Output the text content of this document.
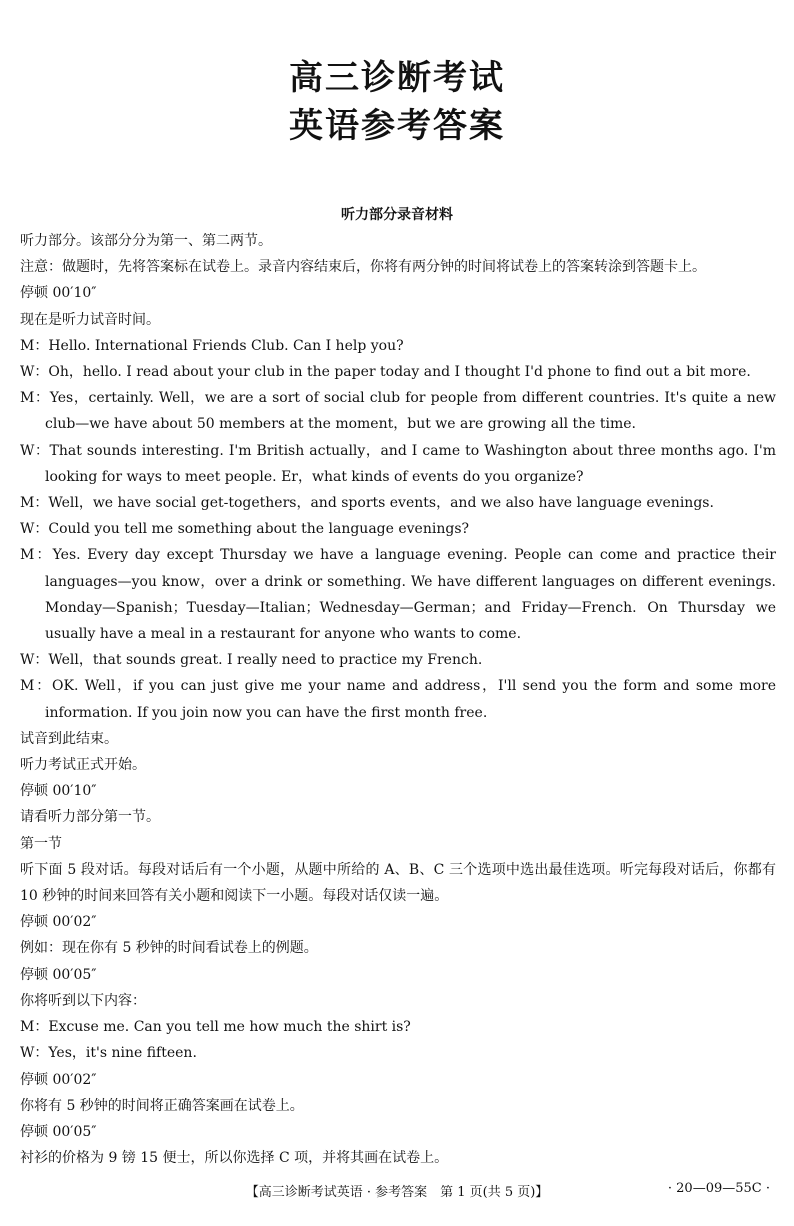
高三诊断考试
英语参考答案
听力部分录音材料

听力部分。该部分分为第一、第二两节。

注意：做题时，先将答案标在试卷上。录音内容结束后，你将有两分钟的时间将试卷上的答案转涂到答题卡上。

停顿 00′10″

现在是听力试音时间。

M：Hello. International Friends Club. Can I help you?

W：Oh，hello. I read about your club in the paper today and I thought I'd phone to find out a bit more.

M：Yes，certainly. Well，we are a sort of social club for people from different countries. It's quite a new club—we have about 50 members at the moment，but we are growing all the time.

W：That sounds interesting. I'm British actually，and I came to Washington about three months ago. I'm looking for ways to meet people. Er，what kinds of events do you organize?

M：Well，we have social get-togethers，and sports events，and we also have language evenings.

W：Could you tell me something about the language evenings?

M：Yes. Every day except Thursday we have a language evening. People can come and practice their languages—you know，over a drink or something. We have different languages on different evenings. Monday—Spanish；Tuesday—Italian；Wednesday—German；and Friday—French. On Thursday we usually have a meal in a restaurant for anyone who wants to come.

W：Well，that sounds great. I really need to practice my French.

M：OK. Well，if you can just give me your name and address，I'll send you the form and some more information. If you join now you can have the first month free.

试音到此结束。

听力考试正式开始。

停顿 00′10″

请看听力部分第一节。

第一节

听下面 5 段对话。每段对话后有一个小题，从题中所给的 A、B、C 三个选项中选出最佳选项。听完每段对话后，你都有 10 秒钟的时间来回答有关小题和阅读下一小题。每段对话仅读一遍。

停顿 00′02″

例如：现在你有 5 秒钟的时间看试卷上的例题。

停顿 00′05″

你将听到以下内容：

M：Excuse me. Can you tell me how much the shirt is?

W：Yes，it's nine fifteen.

停顿 00′02″

你将有 5 秒钟的时间将正确答案画在试卷上。

停顿 00′05″

衬衫的价格为 9 镑 15 便士，所以你选择 C 项，并将其画在试卷上。

【高三诊断考试英语 · 参考答案　第 1 页(共 5 页)】	· 20—09—55C ·
